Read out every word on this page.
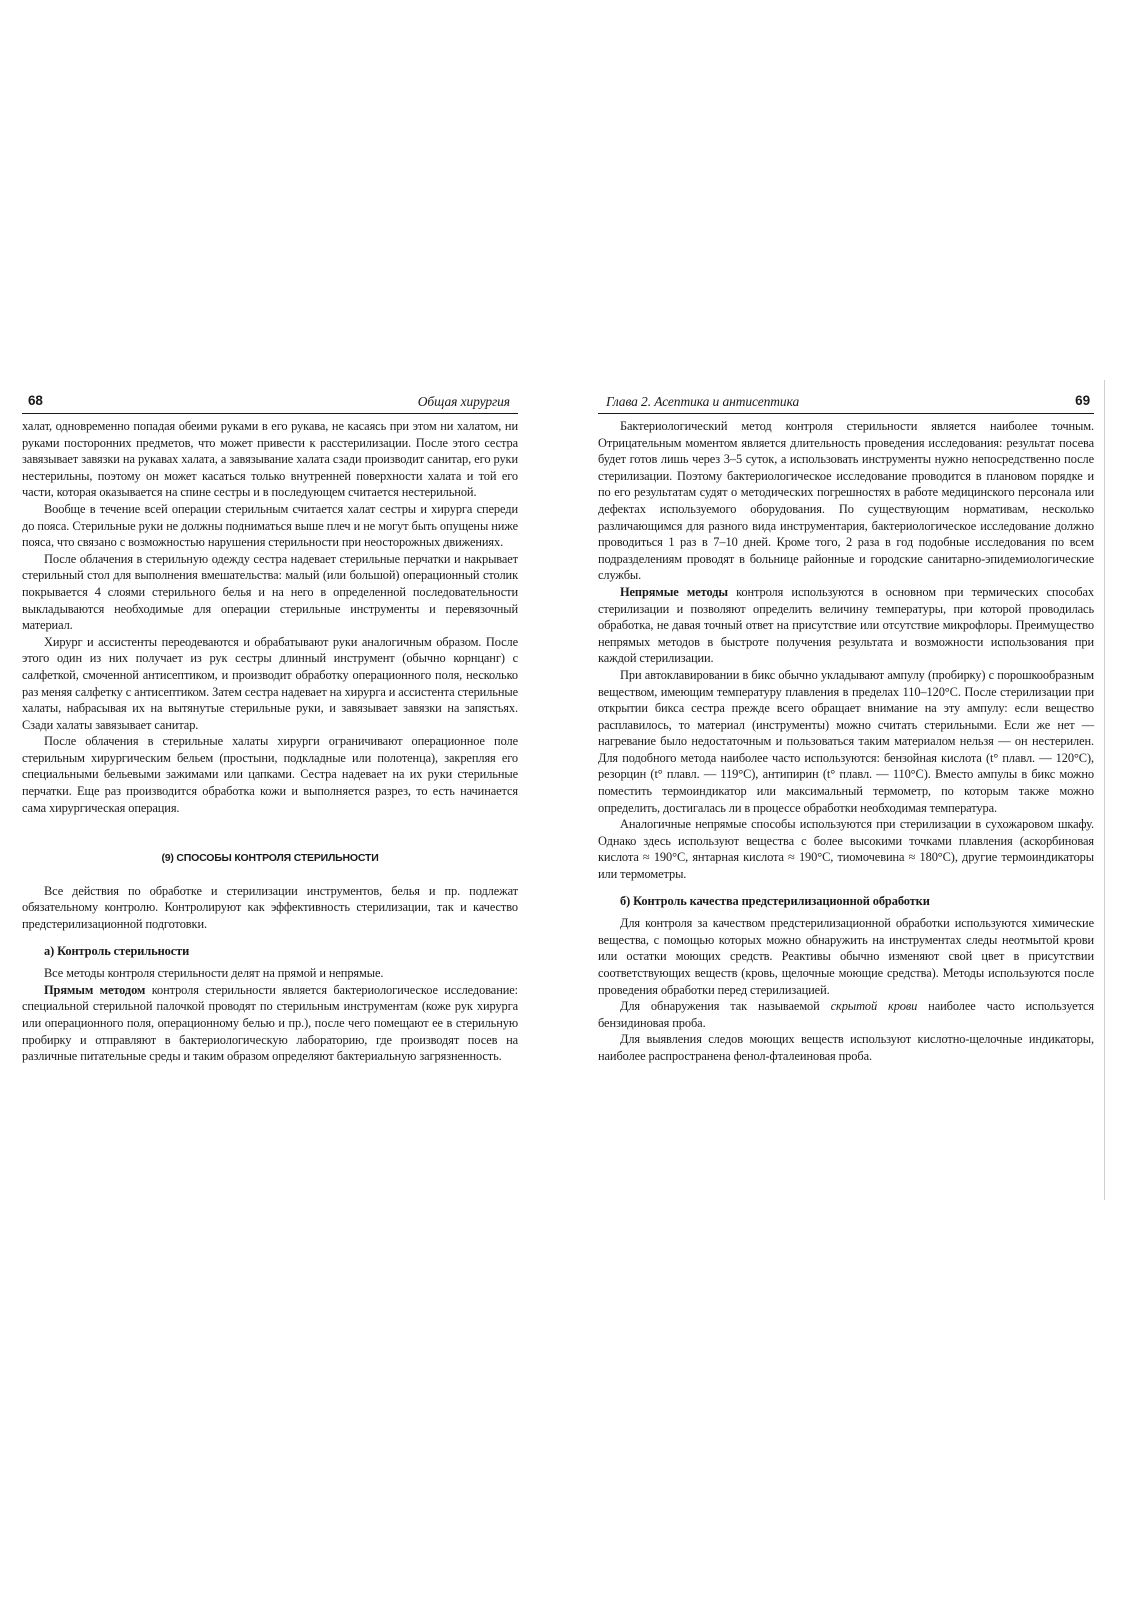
68	Общая хирургия

халат, одновременно попадая обеими руками в его рукава, не касаясь при этом ни халатом, ни руками посторонних предметов, что может привести к расстерилизации. После этого сестра завязывает завязки на рукавах халата, а завязывание халата сзади производит санитар, его руки нестерильны, поэтому он может касаться только внутренней поверхности халата и той его части, которая оказывается на спине сестры и в последующем считается нестерильной.

Вообще в течение всей операции стерильным считается халат сестры и хирурга спереди до пояса. Стерильные руки не должны подниматься выше плеч и не могут быть опущены ниже пояса, что связано с возможностью нарушения стерильности при неосторожных движениях.

После облачения в стерильную одежду сестра надевает стерильные перчатки и накрывает стерильный стол для выполнения вмешательства: малый (или большой) операционный столик покрывается 4 слоями стерильного белья и на него в определенной последовательности выкладываются необходимые для операции стерильные инструменты и перевязочный материал.

Хирург и ассистенты переодеваются и обрабатывают руки аналогичным образом. После этого один из них получает из рук сестры длинный инструмент (обычно корнцанг) с салфеткой, смоченной антисептиком, и производит обработку операционного поля, несколько раз меняя салфетку с антисептиком. Затем сестра надевает на хирурга и ассистента стерильные халаты, набрасывая их на вытянутые стерильные руки, и завязывает завязки на запястьях. Сзади халаты завязывает санитар.

После облачения в стерильные халаты хирурги ограничивают операционное поле стерильным хирургическим бельем (простыни, подкладные или полотенца), закрепляя его специальными бельевыми зажимами или цапками. Сестра надевает на их руки стерильные перчатки. Еще раз производится обработка кожи и выполняется разрез, то есть начинается сама хирургическая операция.

(9) СПОСОБЫ КОНТРОЛЯ СТЕРИЛЬНОСТИ

Все действия по обработке и стерилизации инструментов, белья и пр. подлежат обязательному контролю. Контролируют как эффективность стерилизации, так и качество предстерилизационной подготовки.

а) Контроль стерильности

Все методы контроля стерильности делят на прямой и непрямые.

Прямым методом контроля стерильности является бактериологическое исследование: специальной стерильной палочкой проводят по стерильным инструментам (коже рук хирурга или операционного поля, операционному белью и пр.), после чего помещают ее в стерильную пробирку и отправляют в бактериологическую лабораторию, где производят посев на различные питательные среды и таким образом определяют бактериальную загрязненность.

Глава 2. Асептика и антисептика	69

Бактериологический метод контроля стерильности является наиболее точным. Отрицательным моментом является длительность проведения исследования: результат посева будет готов лишь через 3–5 суток, а использовать инструменты нужно непосредственно после стерилизации. Поэтому бактериологическое исследование проводится в плановом порядке и по его результатам судят о методических погрешностях в работе медицинского персонала или дефектах используемого оборудования. По существующим нормативам, несколько различающимся для разного вида инструментария, бактериологическое исследование должно проводиться 1 раз в 7–10 дней. Кроме того, 2 раза в год подобные исследования по всем подразделениям проводят в больнице районные и городские санитарно-эпидемиологические службы.

Непрямые методы контроля используются в основном при термических способах стерилизации и позволяют определить величину температуры, при которой проводилась обработка, не давая точный ответ на присутствие или отсутствие микрофлоры. Преимущество непрямых методов в быстроте получения результата и возможности использования при каждой стерилизации.

При автоклавировании в бикс обычно укладывают ампулу (пробирку) с порошкообразным веществом, имеющим температуру плавления в пределах 110–120°С. После стерилизации при открытии бикса сестра прежде всего обращает внимание на эту ампулу: если вещество расплавилось, то материал (инструменты) можно считать стерильными. Если же нет — нагревание было недостаточным и пользоваться таким материалом нельзя — он нестерилен. Для подобного метода наиболее часто используются: бензойная кислота (t° плавл. — 120°С), резорцин (t° плавл. — 119°С), антипирин (t° плавл. — 110°С). Вместо ампулы в бикс можно поместить термоиндикатор или максимальный термометр, по которым также можно определить, достигалась ли в процессе обработки необходимая температура.

Аналогичные непрямые способы используются при стерилизации в сухожаровом шкафу. Однако здесь используют вещества с более высокими точками плавления (аскорбиновая кислота ≈ 190°С, янтарная кислота ≈ 190°С, тиомочевина ≈ 180°С), другие термоиндикаторы или термометры.

б) Контроль качества предстерилизационной обработки

Для контроля за качеством предстерилизационной обработки используются химические вещества, с помощью которых можно обнаружить на инструментах следы неотмытой крови или остатки моющих средств. Реактивы обычно изменяют свой цвет в присутствии соответствующих веществ (кровь, щелочные моющие средства). Методы используются после проведения обработки перед стерилизацией.

Для обнаружения так называемой скрытой крови наиболее часто используется бензидиновая проба.

Для выявления следов моющих веществ используют кислотно-щелочные индикаторы, наиболее распространена фенол-фталеиновая проба.
